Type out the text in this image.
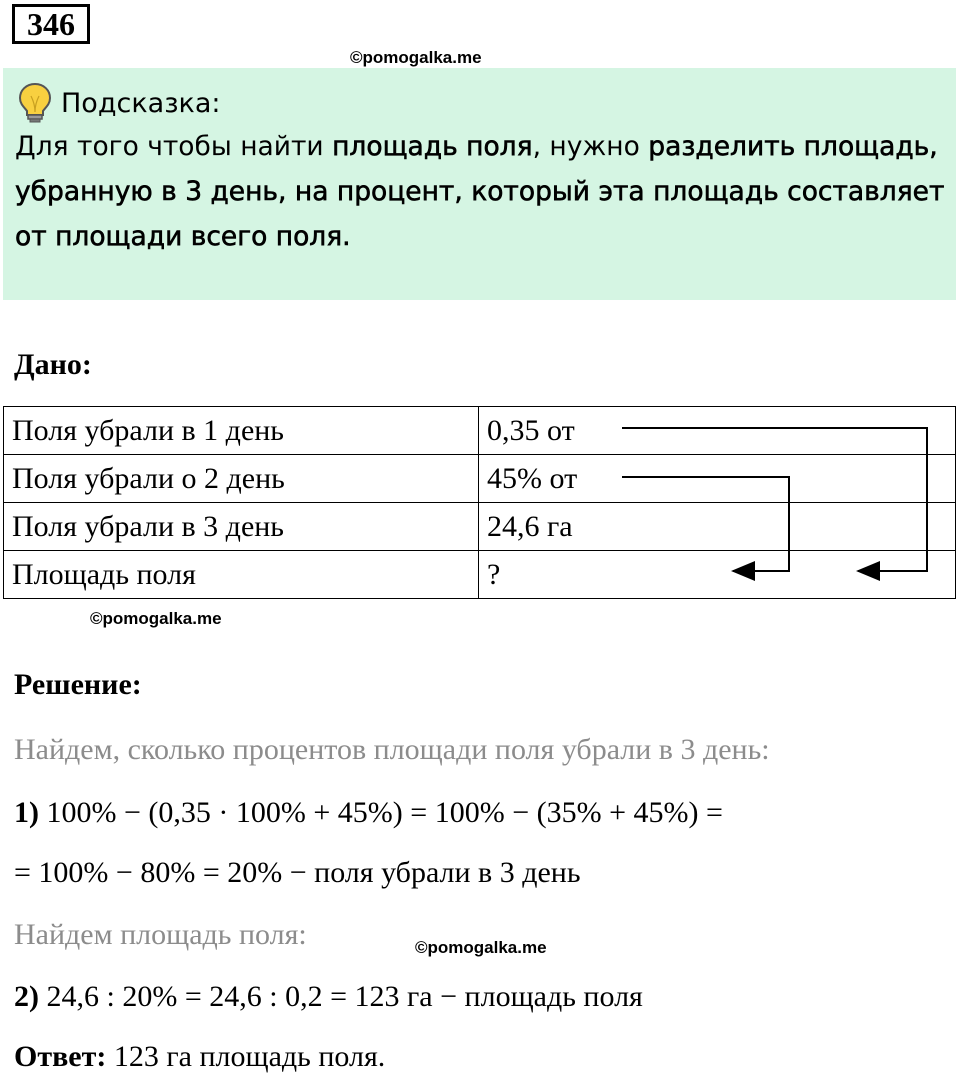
346
©pomogalka.me
Подсказка:
Для того чтобы найти площадь поля, нужно разделить площадь, убранную в 3 день, на процент, который эта площадь составляет от площади всего поля.
Дано:
Поля убрали в 1 день	0,35 от
Поля убрали о 2 день	45% от
Поля убрали в 3 день	24,6 га
Площадь поля	?
©pomogalka.me
Решение:
Найдем, сколько процентов площади поля убрали в 3 день:
1) 100% − (0,35 · 100% + 45%) = 100% − (35% + 45%) =
= 100% − 80% = 20% − поля убрали в 3 день
Найдем площадь поля:	©pomogalka.me
2) 24,6 : 20% = 24,6 : 0,2 = 123 га − площадь поля
Ответ: 123 га площадь поля.
